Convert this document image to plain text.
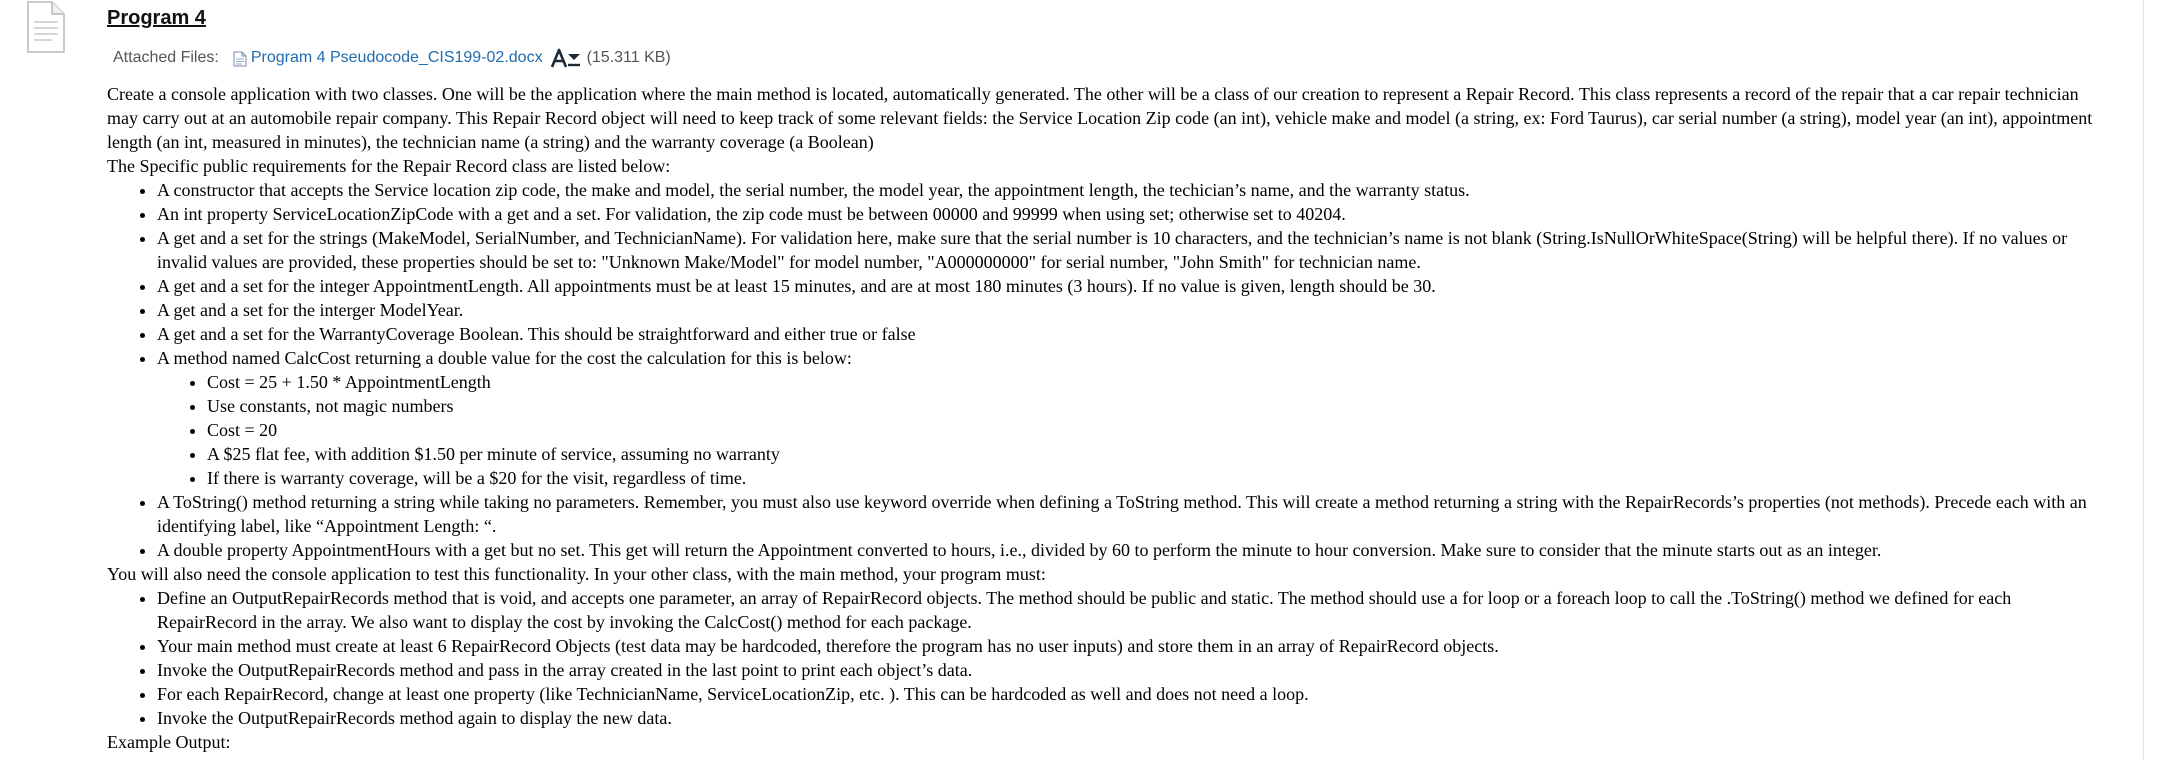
Program 4
Attached Files: Program 4 Pseudocode_CIS199-02.docx	(15.311 KB)

Create a console application with two classes. One will be the application where the main method is located, automatically generated. The other will be a class of our creation to represent a Repair Record. This class represents a record of the repair that a car repair technician may carry out at an automobile repair company. This Repair Record object will need to keep track of some relevant fields: the Service Location Zip code (an int), vehicle make and model (a string, ex: Ford Taurus), car serial number (a string), model year (an int), appointment length (an int, measured in minutes), the technician name (a string) and the warranty coverage (a Boolean)

The Specific public requirements for the Repair Record class are listed below:

• A constructor that accepts the Service location zip code, the make and model, the serial number, the model year, the appointment length, the techician’s name, and the warranty status.
• An int property ServiceLocationZipCode with a get and a set. For validation, the zip code must be between 00000 and 99999 when using set; otherwise set to 40204.
• A get and a set for the strings (MakeModel, SerialNumber, and TechnicianName). For validation here, make sure that the serial number is 10 characters, and the technician’s name is not blank (String.IsNullOrWhiteSpace(String) will be helpful there). If no values or invalid values are provided, these properties should be set to: "Unknown Make/Model" for model number, "A000000000" for serial number, "John Smith" for technician name.
• A get and a set for the integer AppointmentLength. All appointments must be at least 15 minutes, and are at most 180 minutes (3 hours). If no value is given, length should be 30.
• A get and a set for the interger ModelYear.
• A get and a set for the WarrantyCoverage Boolean. This should be straightforward and either true or false
• A method named CalcCost returning a double value for the cost the calculation for this is below:
• Cost = 25 + 1.50 * AppointmentLength
• Use constants, not magic numbers
• Cost = 20
• A $25 flat fee, with addition $1.50 per minute of service, assuming no warranty
• If there is warranty coverage, will be a $20 for the visit, regardless of time.
• A ToString() method returning a string while taking no parameters. Remember, you must also use keyword override when defining a ToString method. This will create a method returning a string with the RepairRecords’s properties (not methods). Precede each with an identifying label, like “Appointment Length: “.
• A double property AppointmentHours with a get but no set. This get will return the Appointment converted to hours, i.e., divided by 60 to perform the minute to hour conversion. Make sure to consider that the minute starts out as an integer.

You will also need the console application to test this functionality. In your other class, with the main method, your program must:

• Define an OutputRepairRecords method that is void, and accepts one parameter, an array of RepairRecord objects. The method should be public and static. The method should use a for loop or a foreach loop to call the .ToString() method we defined for each RepairRecord in the array. We also want to display the cost by invoking the CalcCost() method for each package.
• Your main method must create at least 6 RepairRecord Objects (test data may be hardcoded, therefore the program has no user inputs) and store them in an array of RepairRecord objects.
• Invoke the OutputRepairRecords method and pass in the array created in the last point to print each object’s data.
• For each RepairRecord, change at least one property (like TechnicianName, ServiceLocationZip, etc. ). This can be hardcoded as well and does not need a loop.
• Invoke the OutputRepairRecords method again to display the new data.

Example Output:
